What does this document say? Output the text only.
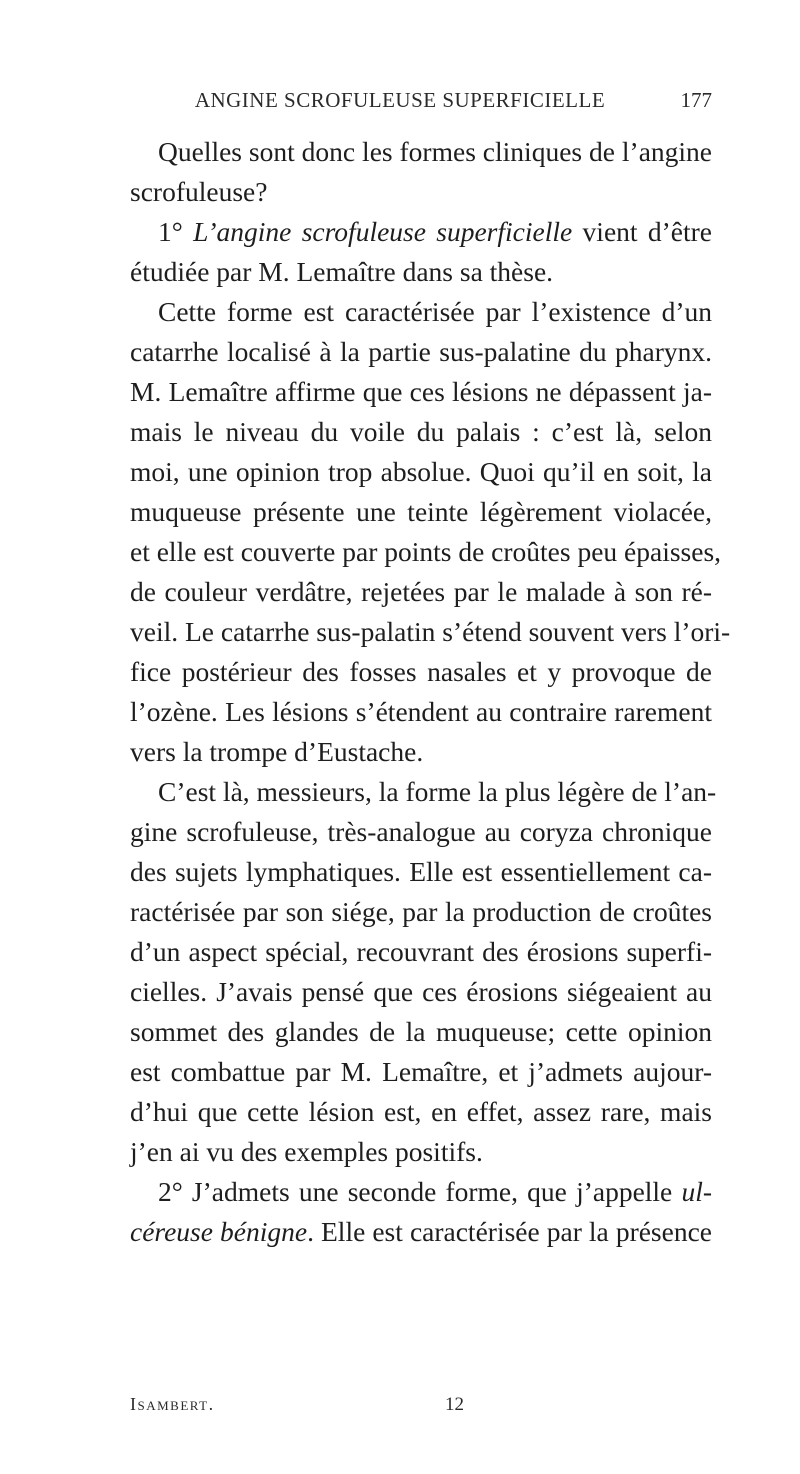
ANGINE SCROFULEUSE SUPERFICIELLE	177
Quelles sont donc les formes cliniques de l’angine
scrofuleuse?
1° L’angine scrofuleuse superficielle vient d’être
étudiée par M. Lemaître dans sa thèse.
Cette forme est caractérisée par l’existence d’un
catarrhe localisé à la partie sus-palatine du pharynx.
M. Lemaître affirme que ces lésions ne dépassent ja-
mais le niveau du voile du palais : c’est là, selon
moi, une opinion trop absolue. Quoi qu’il en soit, la
muqueuse présente une teinte légèrement violacée,
et elle est couverte par points de croûtes peu épaisses,
de couleur verdâtre, rejetées par le malade à son ré-
veil. Le catarrhe sus-palatin s’étend souvent vers l’ori-
fice postérieur des fosses nasales et y provoque de
l’ozène. Les lésions s’étendent au contraire rarement
vers la trompe d’Eustache.
C’est là, messieurs, la forme la plus légère de l’an-
gine scrofuleuse, très-analogue au coryza chronique
des sujets lymphatiques. Elle est essentiellement ca-
ractérisée par son siége, par la production de croûtes
d’un aspect spécial, recouvrant des érosions superfi-
cielles. J’avais pensé que ces érosions siégeaient au
sommet des glandes de la muqueuse; cette opinion
est combattue par M. Lemaître, et j’admets aujour-
d’hui que cette lésion est, en effet, assez rare, mais
j’en ai vu des exemples positifs.
2° J’admets une seconde forme, que j’appelle ul-
céreuse bénigne. Elle est caractérisée par la présence
Isambert.	12
